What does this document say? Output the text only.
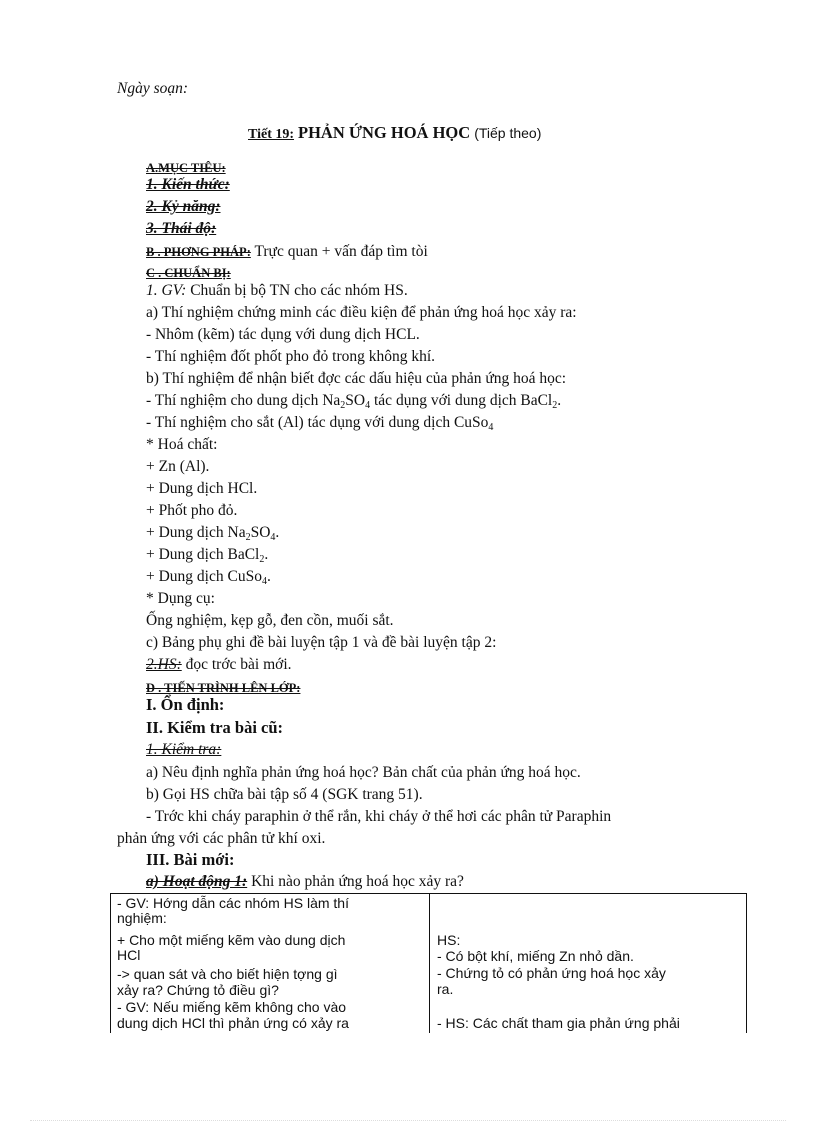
Ngày soạn:
Tiết 19: PHẢN ỨNG HOÁ HỌC (Tiếp theo)
A.MỤC TIÊU:
1. Kiến thức:
2. Kỷ năng:
3. Thái độ:
B . PHƠNG PHÁP: Trực quan + vấn đáp tìm tòi
C . CHUẨN BỊ:
1. GV: Chuẩn bị bộ TN cho các nhóm HS.
a) Thí nghiệm chứng minh các điều kiện để phản ứng hoá học xảy ra:
- Nhôm (kẽm) tác dụng với dung dịch HCL.
- Thí nghiệm đốt phốt pho đỏ trong không khí.
b) Thí nghiệm để nhận biết đợc các dấu hiệu của phản ứng hoá học:
- Thí nghiệm cho dung dịch $Na_2SO_4$ tác dụng với dung dịch BaCl$_2$.
- Thí nghiệm cho sắt (Al) tác dụng với dung dịch CuSo$_4$
* Hoá chất:
+ Zn (Al).
+ Dung dịch HCl.
+ Phốt pho đỏ.
+ Dung dịch $Na_2SO_4$.
+ Dung dịch BaCl$_2$.
+ Dung dịch CuSo$_4$.
* Dụng cụ:
Ống nghiệm, kẹp gỗ, đen cồn, muối sắt.
c) Bảng phụ ghi đề bài luyện tập 1 và đề bài luyện tập 2:
2.HS: đọc trớc bài mới.
D . TIẾN TRÌNH LÊN LỚP:
I. Ổn định:
II. Kiểm tra bài cũ:
1. Kiểm tra:
a) Nêu định nghĩa phản ứng hoá học? Bản chất của phản ứng hoá học.
b) Gọi HS chữa bài tập số 4 (SGK trang 51).
- Trớc khi cháy paraphin ở thể rắn, khi cháy ở thể hơi các phân tử Paraphin
phản ứng với các phân tử khí oxi.
III. Bài mới:
a) Hoạt động 1: Khi nào phản ứng hoá học xảy ra?
- GV: Hớng dẫn các nhóm HS làm thí
nghiệm:
+ Cho một miếng kẽm vào dung dịch
HCl
-> quan sát và cho biết hiện tợng gì
xảy ra? Chứng tỏ điều gì?
- GV: Nếu miếng kẽm không cho vào
dung dịch HCl thì phản ứng có xảy ra
HS:
- Có bột khí, miếng Zn nhỏ dần.
- Chứng tỏ có phản ứng hoá học xảy
ra.
- HS: Các chất tham gia phản ứng phải
